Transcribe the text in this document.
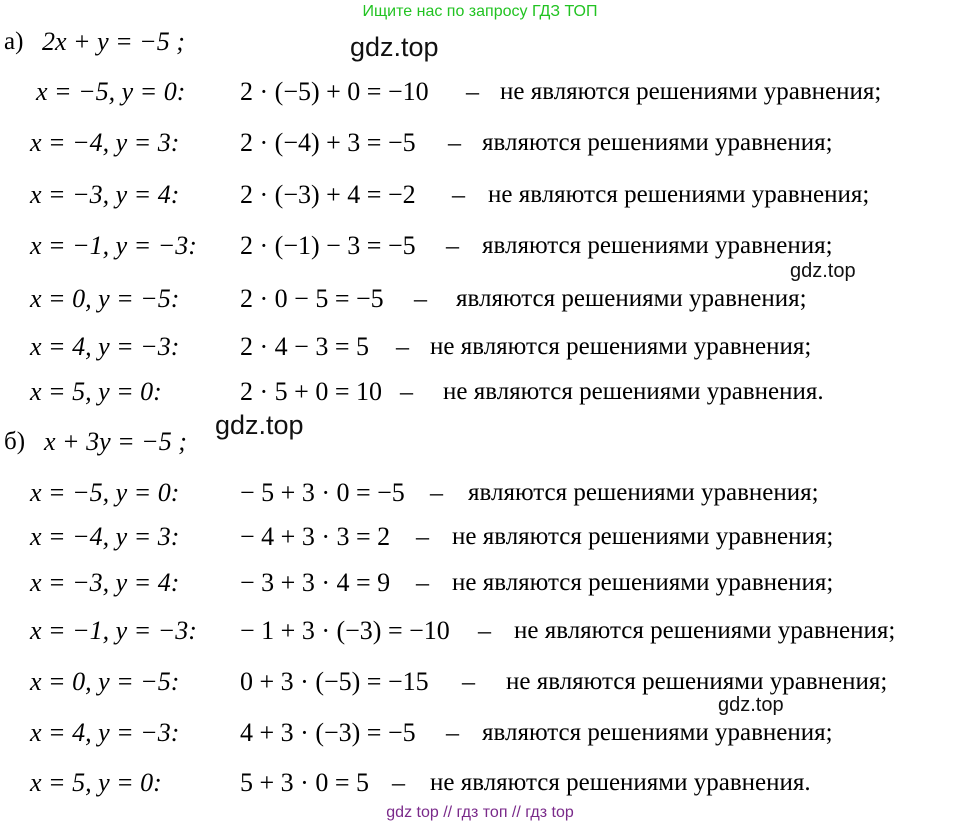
Ищите нас по запросу ГДЗ ТОП
а) 2x + y = −5 ;
x = −5, y = 0: 2 · (−5) + 0 = −10 – не являются решениями уравнения;
x = −4, y = 3: 2 · (−4) + 3 = −5 – являются решениями уравнения;
x = −3, y = 4: 2 · (−3) + 4 = −2 – не являются решениями уравнения;
x = −1, y = −3: 2 · (−1) − 3 = −5 – являются решениями уравнения;
x = 0, y = −5: 2 · 0 − 5 = −5 – являются решениями уравнения;
x = 4, y = −3: 2 · 4 − 3 = 5 – не являются решениями уравнения;
x = 5, y = 0:	2 · 5 + 0 = 10 – не являются решениями уравнения.
б) x + 3y = −5 ;
x = −5, y = 0: − 5 + 3 · 0 = −5 – являются решениями уравнения;
x = −4, y = 3: − 4 + 3 · 3 = 2 – не являются решениями уравнения;
x = −3, y = 4: − 3 + 3 · 4 = 9 – не являются решениями уравнения;
x = −1, y = −3: − 1 + 3 · (−3) = −10 – не являются решениями уравнения;
x = 0, y = −5: 0 + 3 · (−5) = −15 – не являются решениями уравнения;
x = 4, y = −3: 4 + 3 · (−3) = −5 – являются решениями уравнения;
x = 5, y = 0:	5 + 3 · 0 = 5 – не являются решениями уравнения.
gdz.top
gdz.top
gdz.top
gdz.top
gdz top // гдз топ // гдз top
